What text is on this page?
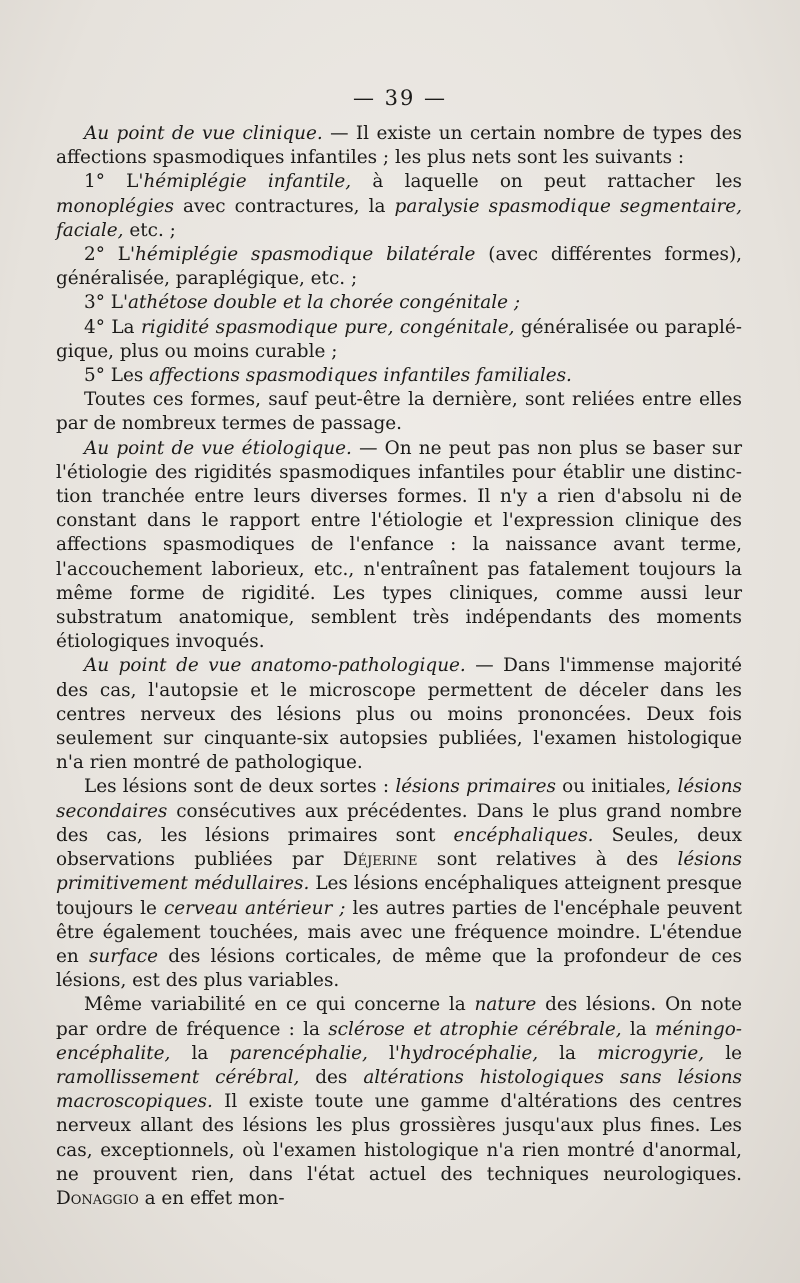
— 39 —

Au point de vue clinique. — Il existe un certain nombre de types des affections spasmodiques infantiles ; les plus nets sont les suivants :

1° L'hémiplégie infantile, à laquelle on peut rattacher les monoplégies avec contractures, la paralysie spasmodique segmentaire, faciale, etc. ;

2° L'hémiplégie spasmodique bilatérale (avec différentes formes), généralisée, paraplégique, etc. ;

3° L'athétose double et la chorée congénitale ;

4° La rigidité spasmodique pure, congénitale, généralisée ou paraplégique, plus ou moins curable ;

5° Les affections spasmodiques infantiles familiales.

Toutes ces formes, sauf peut-être la dernière, sont reliées entre elles par de nombreux termes de passage.

Au point de vue étiologique. — On ne peut pas non plus se baser sur l'étiologie des rigidités spasmodiques infantiles pour établir une distinction tranchée entre leurs diverses formes. Il n'y a rien d'absolu ni de constant dans le rapport entre l'étiologie et l'expression clinique des affections spasmodiques de l'enfance : la naissance avant terme, l'accouchement laborieux, etc., n'entraînent pas fatalement toujours la même forme de rigidité. Les types cliniques, comme aussi leur substratum anatomique, semblent très indépendants des moments étiologiques invoqués.

Au point de vue anatomo-pathologique. — Dans l'immense majorité des cas, l'autopsie et le microscope permettent de déceler dans les centres nerveux des lésions plus ou moins prononcées. Deux fois seulement sur cinquante-six autopsies publiées, l'examen histologique n'a rien montré de pathologique.

Les lésions sont de deux sortes : lésions primaires ou initiales, lésions secondaires consécutives aux précédentes. Dans le plus grand nombre des cas, les lésions primaires sont encéphaliques. Seules, deux observations publiées par Déjerine sont relatives à des lésions primitivement médullaires. Les lésions encéphaliques atteignent presque toujours le cerveau antérieur ; les autres parties de l'encéphale peuvent être également touchées, mais avec une fréquence moindre. L'étendue en surface des lésions corticales, de même que la profondeur de ces lésions, est des plus variables.

Même variabilité en ce qui concerne la nature des lésions. On note par ordre de fréquence : la sclérose et atrophie cérébrale, la méningo-encéphalite, la parencéphalie, l'hydrocéphalie, la microgyrie, le ramollissement cérébral, des altérations histologiques sans lésions macroscopiques. Il existe toute une gamme d'altérations des centres nerveux allant des lésions les plus grossières jusqu'aux plus fines. Les cas, exceptionnels, où l'examen histologique n'a rien montré d'anormal, ne prouvent rien, dans l'état actuel des techniques neurologiques. Donaggio a en effet mon-
